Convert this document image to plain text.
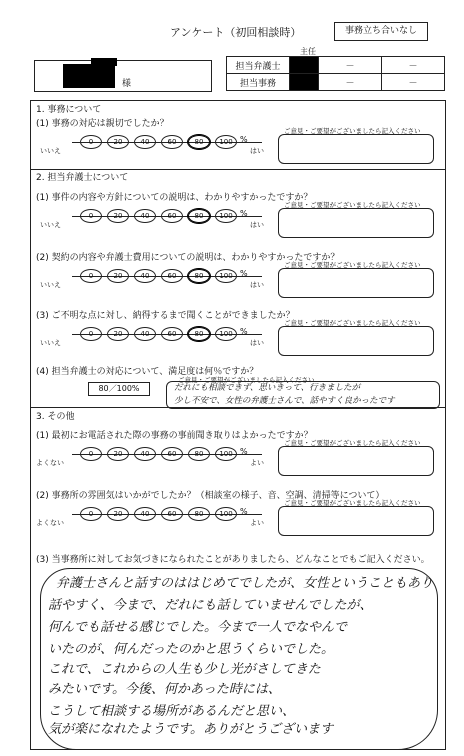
アンケート（初回相談時）	事務立ち合いなし
様
主任
担当弁護士		－	－
担当事務		－	－
1. 事務について
2. 担当弁護士について
3. その他
(4) 担当弁護士の対応について、満足度は何％ですか？
80／100%
ご意見・ご要望がございましたら記入ください
だれにも相談できず、思いきって、行きましたが
少し不安で、女性の弁護士さんで、話やすく良かったです
(3) 当事務所に対してお気づきになられたことがありましたら、どんなことでもご記入ください。
弁護士さんと話すのははじめてでしたが、女性ということもあり
話やすく、今まで、だれにも話していませんでしたが、
何んでも話せる感じでした。今まで一人でなやんで
いたのが、何んだったのかと思うくらいでした。
これで、これからの人生も少し光がさしてきた
みたいです。今後、何かあった時には、
こうして相談する場所があるんだと思い、
気が楽になれたようです。ありがとうございます
(1) 事務の対応は親切でしたか？
いいえ	はい
0	20	40	60	80	100 %
ご意見・ご要望がございましたら記入ください
(1) 事件の内容や方針についての説明は、わかりやすかったですか？
いいえ	はい
0	20	40	60	80	100 %
ご意見・ご要望がございましたら記入ください
(2) 契約の内容や弁護士費用についての説明は、わかりやすかったですか？
いいえ	はい
0	20	40	60	80	100 %
ご意見・ご要望がございましたら記入ください
(3) ご不明な点に対し、納得するまで聞くことができましたか？
いいえ	はい
0	20	40	60	80	100 %
ご意見・ご要望がございましたら記入ください
(1) 最初にお電話された際の事務の事前聞き取りはよかったですか？
よくない	よい
0	20	40	60	80	100 %
ご意見・ご要望がございましたら記入ください
(2) 事務所の雰囲気はいかがでしたか？（相談室の様子、音、空調、清掃等について）
よくない	よい
0	20	40	60	80	100 %
ご意見・ご要望がございましたら記入ください
